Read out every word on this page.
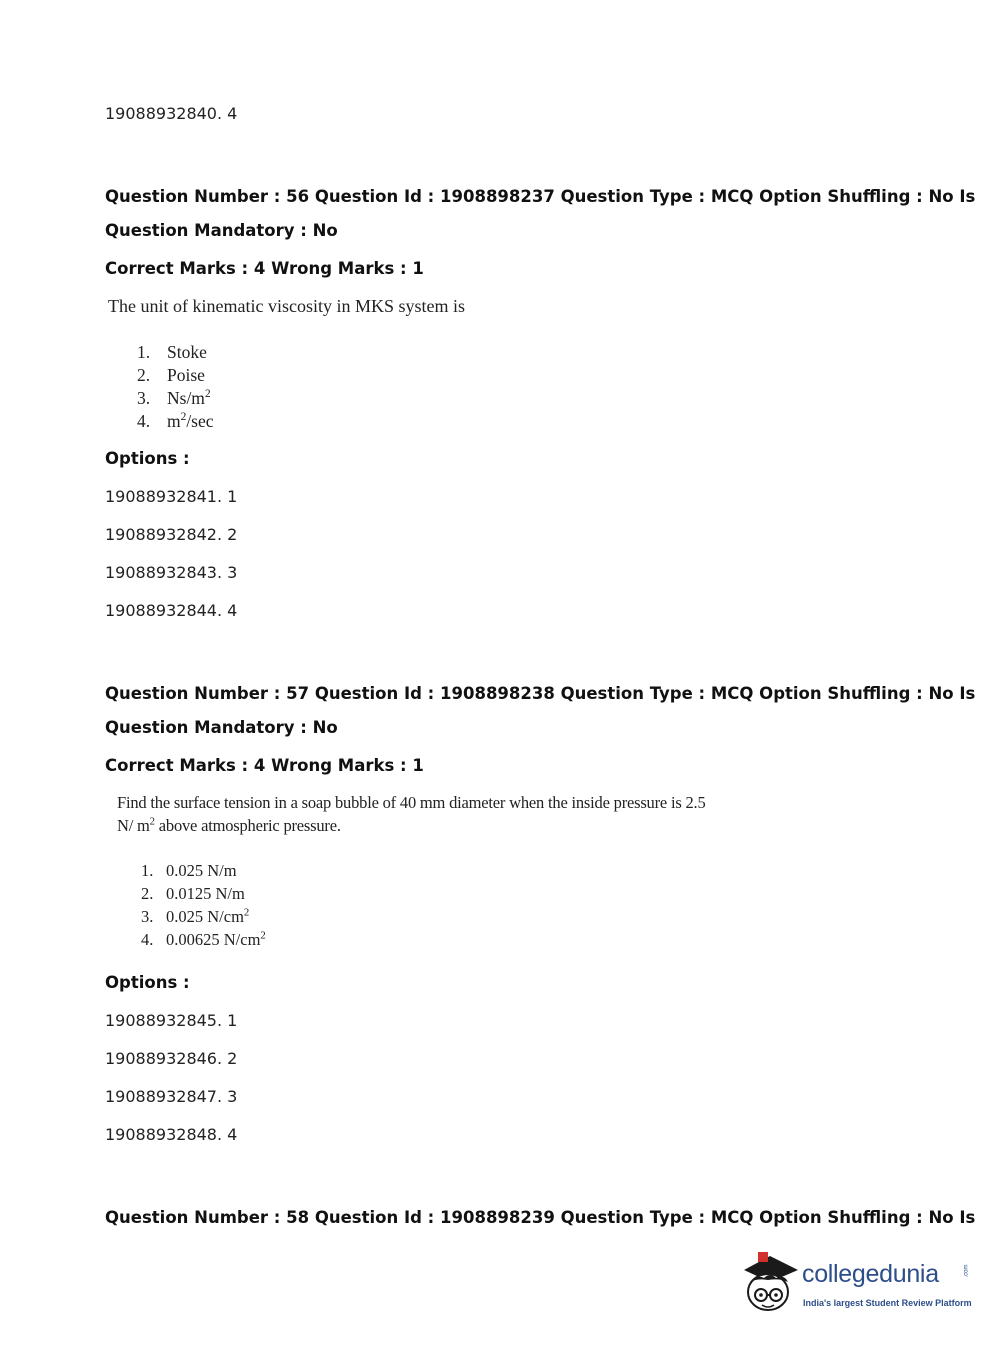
19088932840. 4
Question Number : 56 Question Id : 1908898237 Question Type : MCQ Option Shuffling : No Is
Question Mandatory : No
Correct Marks : 4 Wrong Marks : 1
The unit of kinematic viscosity in MKS system is
1. Stoke
2. Poise
3. $Ns/m^2$
4. $m^2/\sec$
Options :
19088932841. 1
19088932842. 2
19088932843. 3
19088932844. 4
Question Number : 57 Question Id : 1908898238 Question Type : MCQ Option Shuffling : No Is
Question Mandatory : No
Correct Marks : 4 Wrong Marks : 1
Find the surface tension in a soap bubble of 40 mm diameter when the inside pressure is 2.5
N/ $m^2$ above atmospheric pressure.
1. 0.025 N/m
2. 0.0125 N/m
3. 0.025 $N/cm^2$
4. 0.00625 $N/cm^2$
Options :
19088932845. 1
19088932846. 2
19088932847. 3
19088932848. 4
Question Number : 58 Question Id : 1908898239 Question Type : MCQ Option Shuffling : No Is
collegedunia
India's largest Student Review Platform
.com
